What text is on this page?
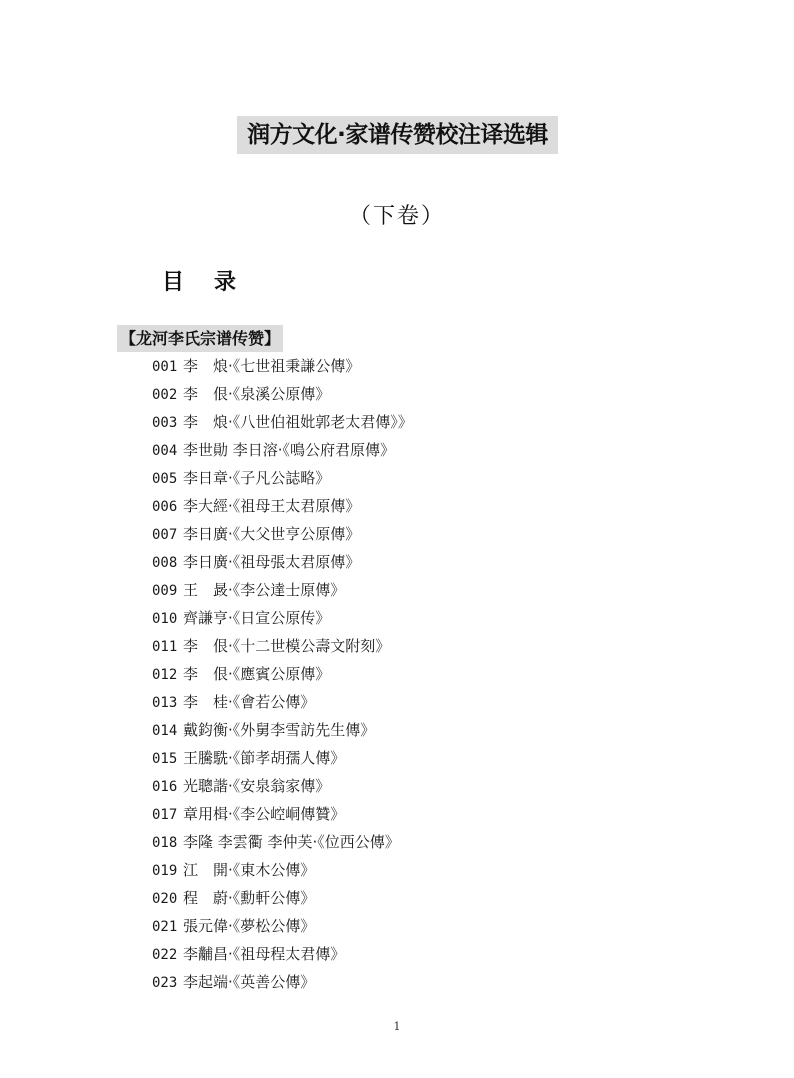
润方文化·家谱传赞校注译选辑
（下卷）
目 录
【龙河李氏宗谱传赞】
001 李　烺·《七世祖秉謙公傳》
002 李　佷·《泉溪公原傳》
003 李　烺·《八世伯祖妣郭老太君傳》》
004 李世勛 李日溶·《鳴公府君原傳》
005 李日章·《子凡公誌略》
006 李大經·《祖母王太君原傳》
007 李日廣·《大父世亨公原傳》
008 李日廣·《祖母張太君原傳》
009 王　晸·《李公達士原傳》
010 齊謙亨·《日宣公原传》
011 李　佷·《十二世模公壽文附刻》
012 李　佷·《應賓公原傳》
013 李　桂·《會若公傳》
014 戴鈞衡·《外舅李雪訪先生傳》
015 王騰駪·《節孝胡孺人傳》
016 光聰諧·《安泉翁家傳》
017 章用楫·《李公崆峒傳贊》
018 李隆 李雲衢 李仲芙·《位西公傳》
019 江　開·《東木公傳》
020 程　蔚·《勳軒公傳》
021 張元偉·《夢松公傳》
022 李黼昌·《祖母程太君傳》
023 李起端·《英善公傳》
1
